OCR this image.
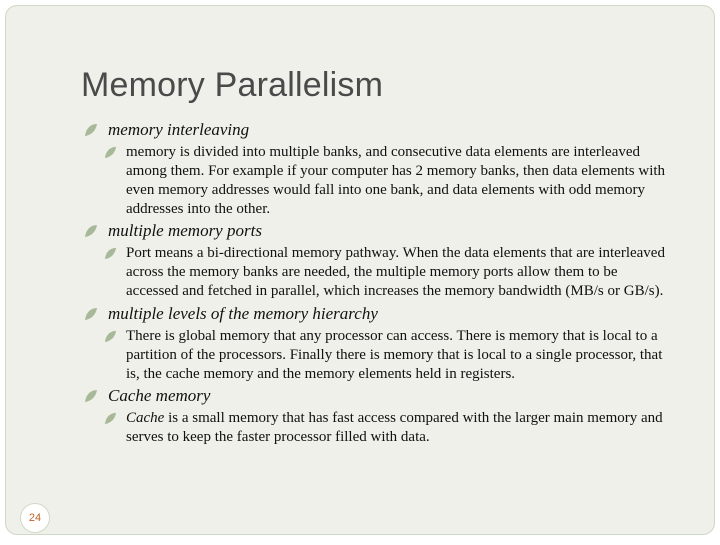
Memory Parallelism
memory interleaving
memory is divided into multiple banks, and consecutive data elements are interleaved among them. For example if your computer has 2 memory banks, then data elements with even memory addresses would fall into one bank, and data elements with odd memory addresses into the other.
multiple memory ports
Port means a bi-directional memory pathway. When the data elements that are interleaved across the memory banks are needed, the multiple memory ports allow them to be accessed and fetched in parallel, which increases the memory bandwidth (MB/s or GB/s).
multiple levels of the memory hierarchy
There is global memory that any processor can access. There is memory that is local to a partition of the processors. Finally there is memory that is local to a single processor, that is, the cache memory and the memory elements held in registers.
Cache memory
Cache is a small memory that has fast access compared with the larger main memory and serves to keep the faster processor filled with data.
24
